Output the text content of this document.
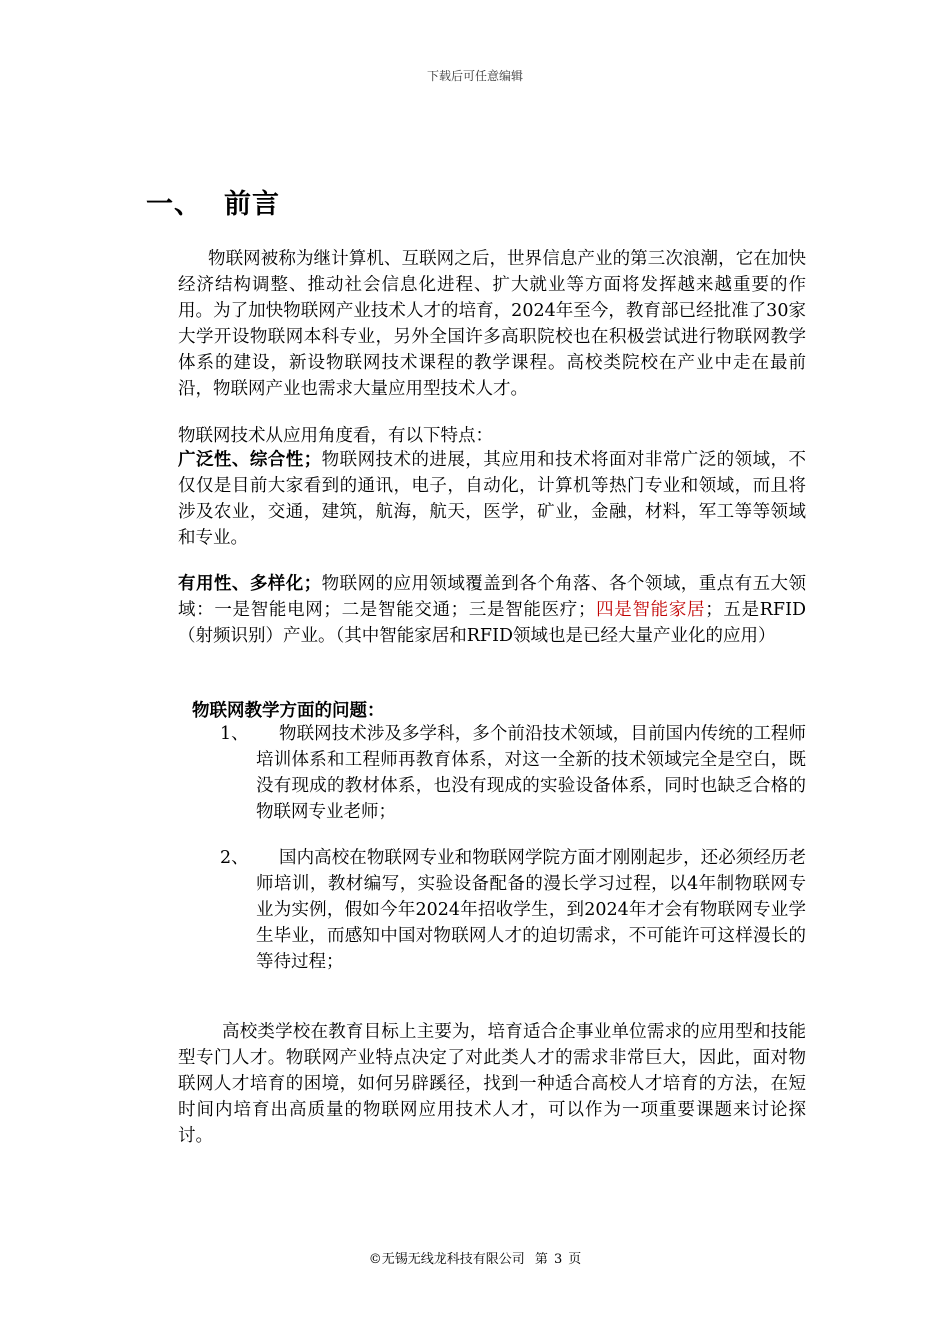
下载后可任意编辑
一、 前言
物联网被称为继计算机、互联网之后，世界信息产业的第三次浪潮，它在加快经济结构调整、推动社会信息化进程、扩大就业等方面将发挥越来越重要的作用。为了加快物联网产业技术人才的培育，2024年至今，教育部已经批准了30家大学开设物联网本科专业，另外全国许多高职院校也在积极尝试进行物联网教学体系的建设，新设物联网技术课程的教学课程。高校类院校在产业中走在最前沿，物联网产业也需求大量应用型技术人才。
物联网技术从应用角度看，有以下特点：
广泛性、综合性；物联网技术的进展，其应用和技术将面对非常广泛的领域，不仅仅是目前大家看到的通讯，电子，自动化，计算机等热门专业和领域，而且将涉及农业，交通，建筑，航海，航天，医学，矿业，金融，材料，军工等等领域和专业。
有用性、多样化；物联网的应用领域覆盖到各个角落、各个领域，重点有五大领域：一是智能电网；二是智能交通；三是智能医疗；四是智能家居；五是RFID（射频识别）产业。（其中智能家居和RFID领域也是已经大量产业化的应用）
物联网教学方面的问题：
1、	物联网技术涉及多学科，多个前沿技术领域，目前国内传统的工程师培训体系和工程师再教育体系，对这一全新的技术领域完全是空白，既没有现成的教材体系，也没有现成的实验设备体系，同时也缺乏合格的物联网专业老师；
2、	国内高校在物联网专业和物联网学院方面才刚刚起步，还必须经历老师培训，教材编写，实验设备配备的漫长学习过程，以4年制物联网专业为实例，假如今年2024年招收学生，到2024年才会有物联网专业学生毕业，而感知中国对物联网人才的迫切需求，不可能许可这样漫长的等待过程；
高校类学校在教育目标上主要为，培育适合企事业单位需求的应用型和技能型专门人才。物联网产业特点决定了对此类人才的需求非常巨大，因此，面对物联网人才培育的困境，如何另辟蹊径，找到一种适合高校人才培育的方法，在短时间内培育出高质量的物联网应用技术人才，可以作为一项重要课题来讨论探讨。
©无锡无线龙科技有限公司 第 3 页
